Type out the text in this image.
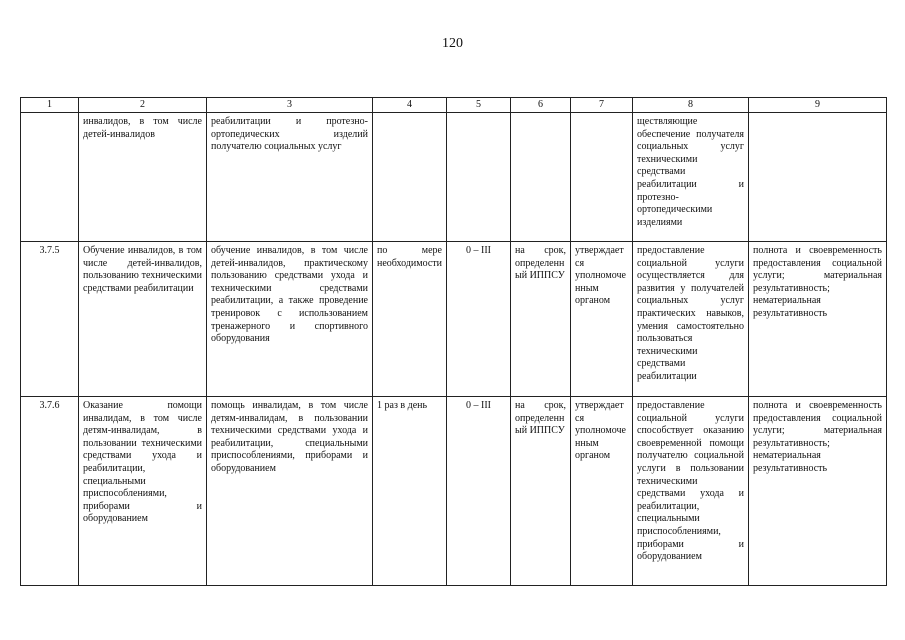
120
1	2	3	4	5	6	7	8	9
	инвалидов, в том числе детей-инвалидов	реабилитации и протезно-ортопедических изделий получателю социальных услуг					ществляющие обеспечение получателя социальных услуг техническими средствами реабилитации и протезно-ортопедическими изделиями	
3.7.5	Обучение инвалидов, в том числе детей-инвалидов, пользованию техническими средствами реабилитации	обучение инвалидов, в том числе детей-инвалидов, практическому пользованию средствами ухода и техническими средствами реабилитации, а также проведение тренировок с использованием тренажерного и спортивного оборудования	по мере необходимости	0 – III	на срок, определенный ИППСУ	утверждается уполномоченным органом	предоставление социальной услуги осуществляется для развития у получателей социальных услуг практических навыков, умения самостоятельно пользоваться техническими средствами реабилитации	полнота и своевременность предоставления социальной услуги; материальная результативность; нематериальная результативность
3.7.6	Оказание помощи инвалидам, в том числе детям-инвалидам, в пользовании техническими средствами ухода и реабилитации, специальными приспособлениями, приборами и оборудованием	помощь инвалидам, в том числе детям-инвалидам, в пользовании техническими средствами ухода и реабилитации, специальными приспособлениями, приборами и оборудованием	1 раз в день	0 – III	на срок, определенный ИППСУ	утверждается уполномоченным органом	предоставление социальной услуги способствует оказанию своевременной помощи получателю социальной услуги в пользовании техническими средствами ухода и реабилитации, специальными приспособлениями, приборами и оборудованием	полнота и своевременность предоставления социальной услуги; материальная результативность; нематериальная результативность
